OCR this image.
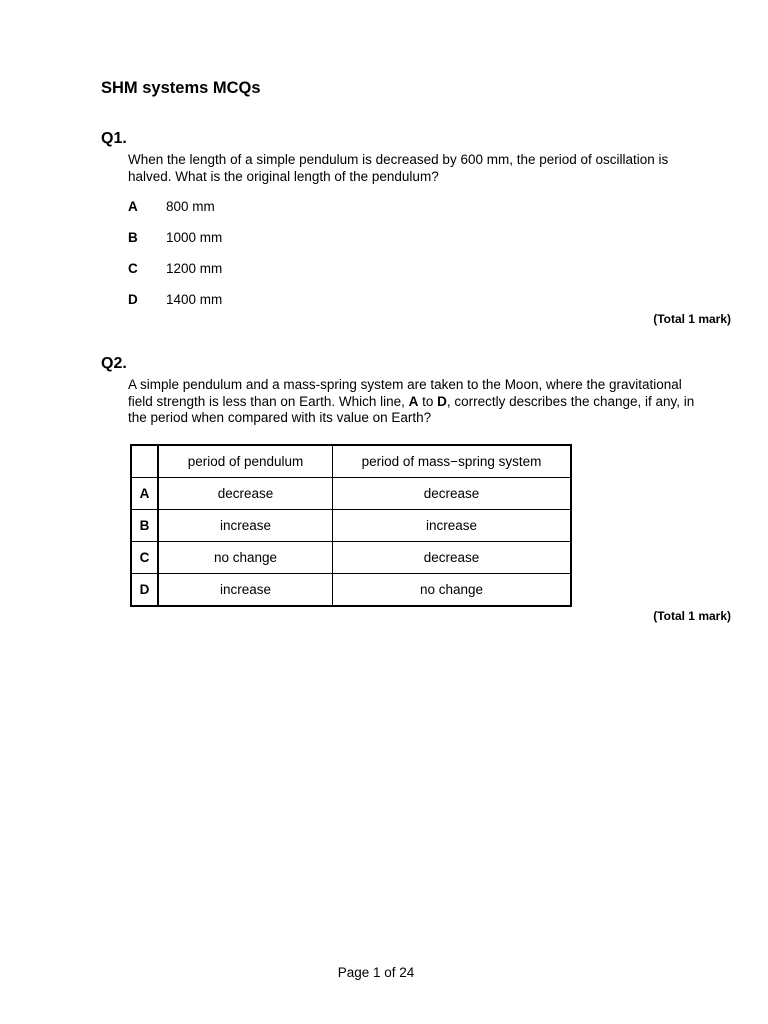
SHM systems MCQs
Q1.
When the length of a simple pendulum is decreased by 600 mm, the period of oscillation is halved. What is the original length of the pendulum?
A 800 mm
B 1000 mm
C 1200 mm
D 1400 mm
(Total 1 mark)
Q2.
A simple pendulum and a mass-spring system are taken to the Moon, where the gravitational field strength is less than on Earth. Which line, A to D, correctly describes the change, if any, in the period when compared with its value on Earth?
	period of pendulum	period of mass−spring system
A	decrease	decrease
B	increase	increase
C	no change	decrease
D	increase	no change
(Total 1 mark)
Page 1 of 24
